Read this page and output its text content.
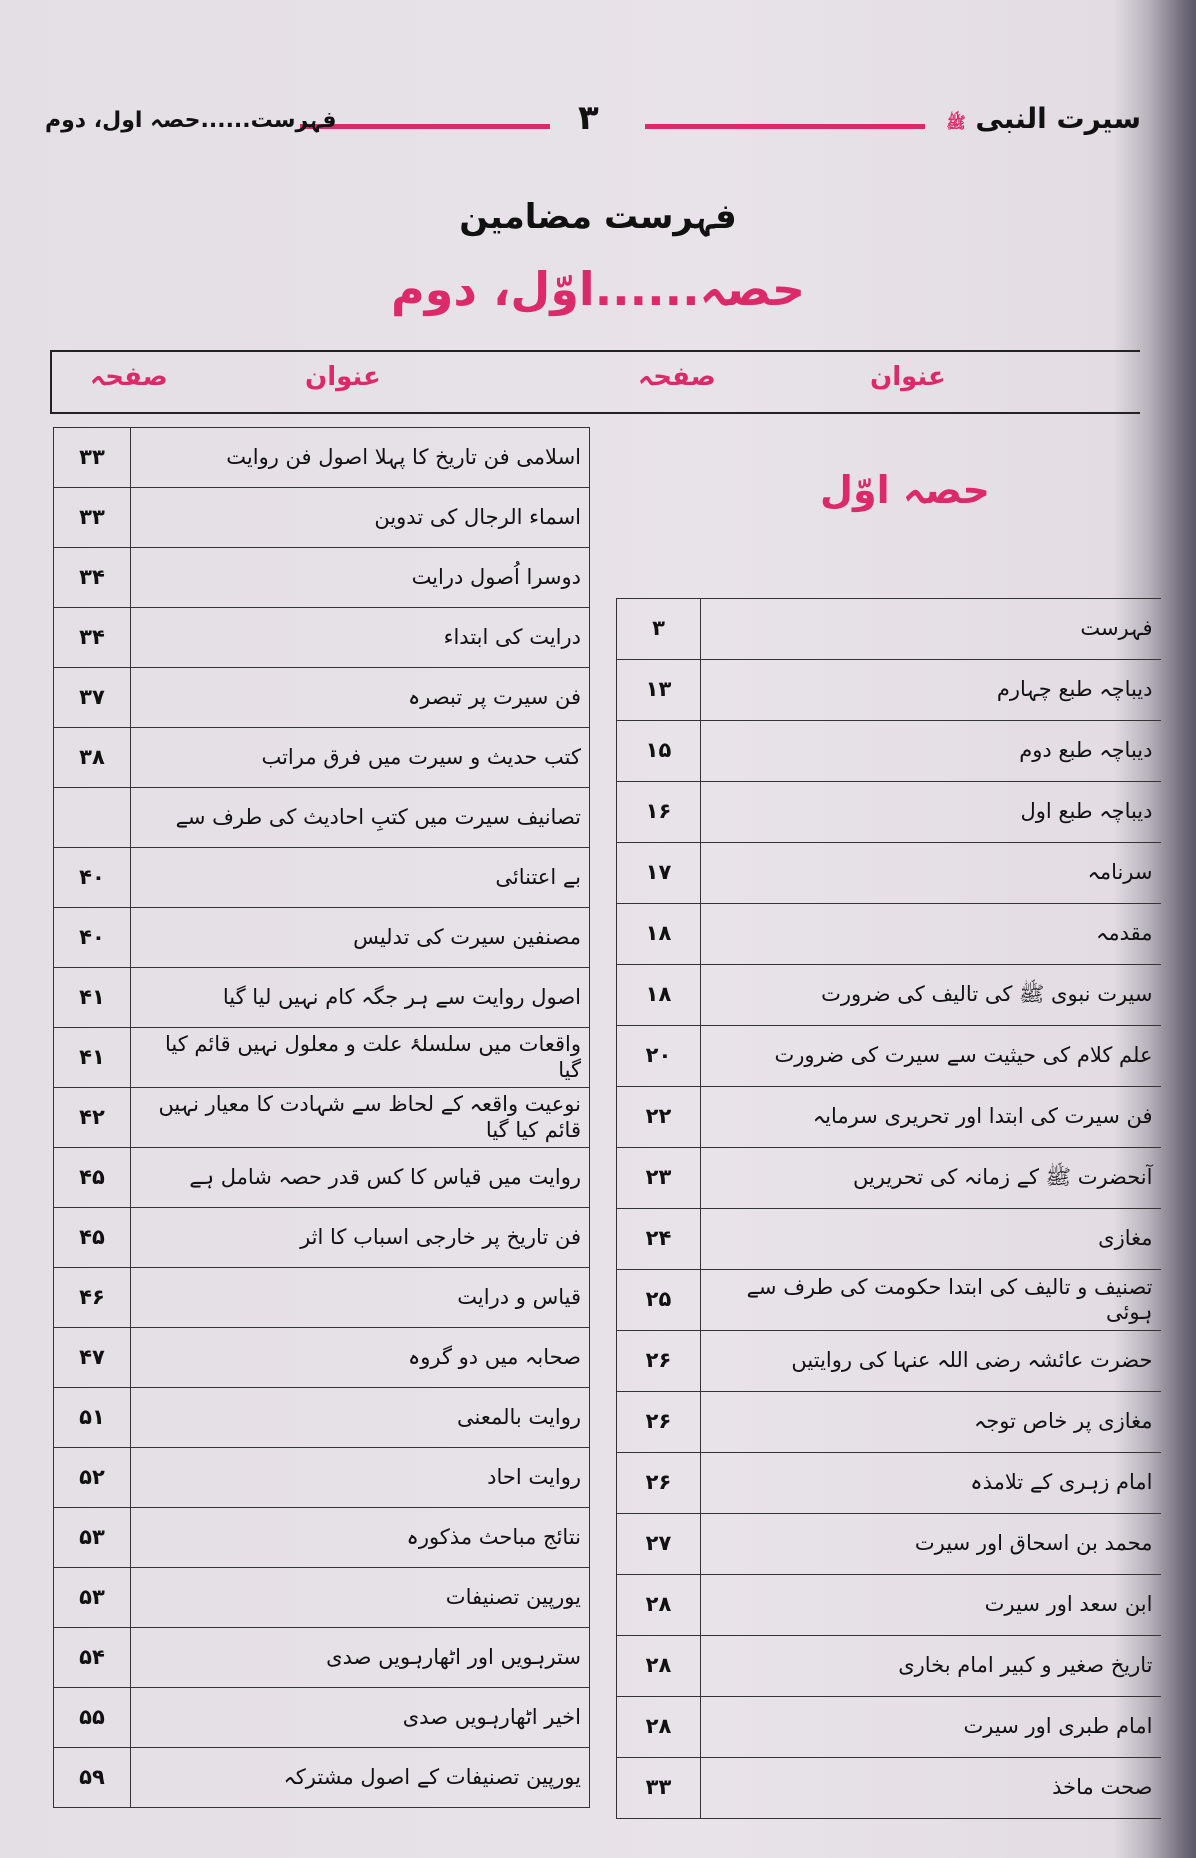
سیرت النبی ﷺ
۳
فہرست......حصہ اول، دوم
فہرست مضامین
حصہ......اوّل، دوم
عنوان
صفحہ
عنوان
صفحہ
حصہ اوّل
فہرست	۳
دیباچہ طبع چہارم	۱۳
دیباچہ طبع دوم	۱۵
دیباچہ طبع اول	۱۶
سرنامہ	۱۷
مقدمہ	۱۸
سیرت نبوی ﷺ کی تالیف کی ضرورت	۱۸
علم کلام کی حیثیت سے سیرت کی ضرورت	۲۰
فن سیرت کی ابتدا اور تحریری سرمایہ	۲۲
آنحضرت ﷺ کے زمانہ کی تحریریں	۲۳
مغازی	۲۴
تصنیف و تالیف کی ابتدا حکومت کی طرف سے ہوئی	۲۵
حضرت عائشہ رضی اللہ عنہا کی روایتیں	۲۶
مغازی پر خاص توجہ	۲۶
امام زہری کے تلامذہ	۲۶
محمد بن اسحاق اور سیرت	۲۷
ابن سعد اور سیرت	۲۸
تاریخ صغیر و کبیر امام بخاری	۲۸
امام طبری اور سیرت	۲۸
صحت ماخذ	۳۳
اسلامی فن تاریخ کا پہلا اصول فن روایت	۳۳
اسماء الرجال کی تدوین	۳۳
دوسرا اُصول درایت	۳۴
درایت کی ابتداء	۳۴
فن سیرت پر تبصرہ	۳۷
کتب حدیث و سیرت میں فرق مراتب	۳۸
تصانیف سیرت میں کتبِ احادیث کی طرف سے	
بے اعتنائی	۴۰
مصنفین سیرت کی تدلیس	۴۰
اصول روایت سے ہر جگہ کام نہیں لیا گیا	۴۱
واقعات میں سلسلۂ علت و معلول نہیں قائم کیا گیا	۴۱
نوعیت واقعہ کے لحاظ سے شہادت کا معیار نہیں قائم کیا گیا	۴۲
روایت میں قیاس کا کس قدر حصہ شامل ہے	۴۵
فن تاریخ پر خارجی اسباب کا اثر	۴۵
قیاس و درایت	۴۶
صحابہ میں دو گروہ	۴۷
روایت بالمعنی	۵۱
روایت احاد	۵۲
نتائج مباحث مذکورہ	۵۳
یورپین تصنیفات	۵۳
سترہویں اور اٹھارہویں صدی	۵۴
اخیر اٹھارہویں صدی	۵۵
یورپین تصنیفات کے اصول مشترکہ	۵۹
